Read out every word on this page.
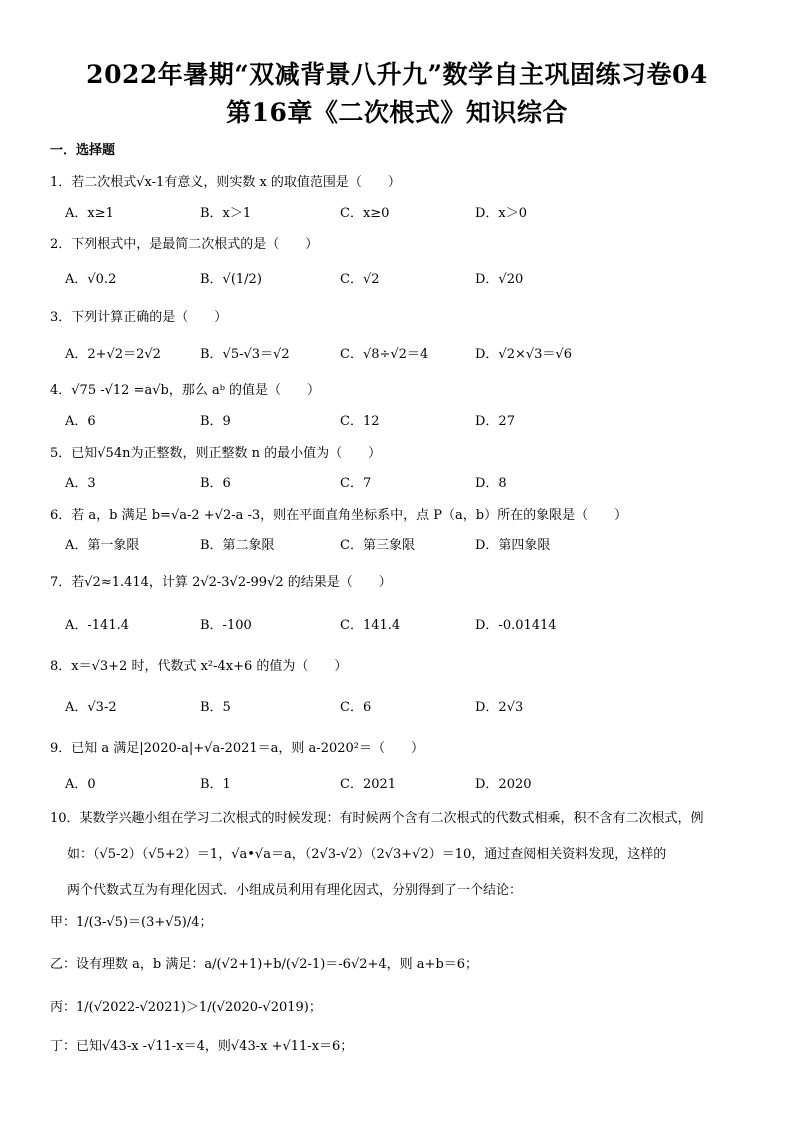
2022年暑期“双减背景八升九”数学自主巩固练习卷04
第16章《二次根式》知识综合
一．选择题
1．若二次根式√x-1有意义，则实数 x 的取值范围是（　　）
A．x≥1	B．x＞1	C．x≥0	D．x＞0
2．下列根式中，是最简二次根式的是（　　）
A．√0.2	B．√(1/2)	C．√2	D．√20
3．下列计算正确的是（　　）
A．2+√2＝2√2	B．√5-√3＝√2	C．√8÷√2＝4	D．√2×√3＝√6
4．√75 -√12 =a√b，那么 aᵇ 的值是（　　）
A．6	B．9	C．12	D．27
5．已知√54n为正整数，则正整数 n 的最小值为（　　）
A．3	B．6	C．7	D．8
6．若 a，b 满足 b=√a-2 +√2-a -3，则在平面直角坐标系中，点 P（a，b）所在的象限是（　　）
A．第一象限	B．第二象限	C．第三象限	D．第四象限
7．若√2≈1.414，计算 2√2-3√2-99√2 的结果是（　　）
A．-141.4	B．-100	C．141.4	D．-0.01414
8．x＝√3+2 时，代数式 x²-4x+6 的值为（　　）
A．√3-2	B．5	C．6	D．2√3
9．已知 a 满足|2020-a|+√a-2021＝a，则 a-2020²＝（　　）
A．0	B．1	C．2021	D．2020
10．某数学兴趣小组在学习二次根式的时候发现：有时候两个含有二次根式的代数式相乘，积不含有二次根式，例
如：（√5-2）（√5+2）＝1，√a•√a＝a，（2√3-√2）（2√3+√2）＝10，通过查阅相关资料发现，这样的
两个代数式互为有理化因式．小组成员利用有理化因式，分别得到了一个结论：
甲：1/(3-√5)＝(3+√5)/4；
乙：设有理数 a，b 满足：a/(√2+1)+b/(√2-1)＝-6√2+4，则 a+b＝6；
丙：1/(√2022-√2021)＞1/(√2020-√2019)；
丁：已知√43-x -√11-x＝4，则√43-x +√11-x＝6；
